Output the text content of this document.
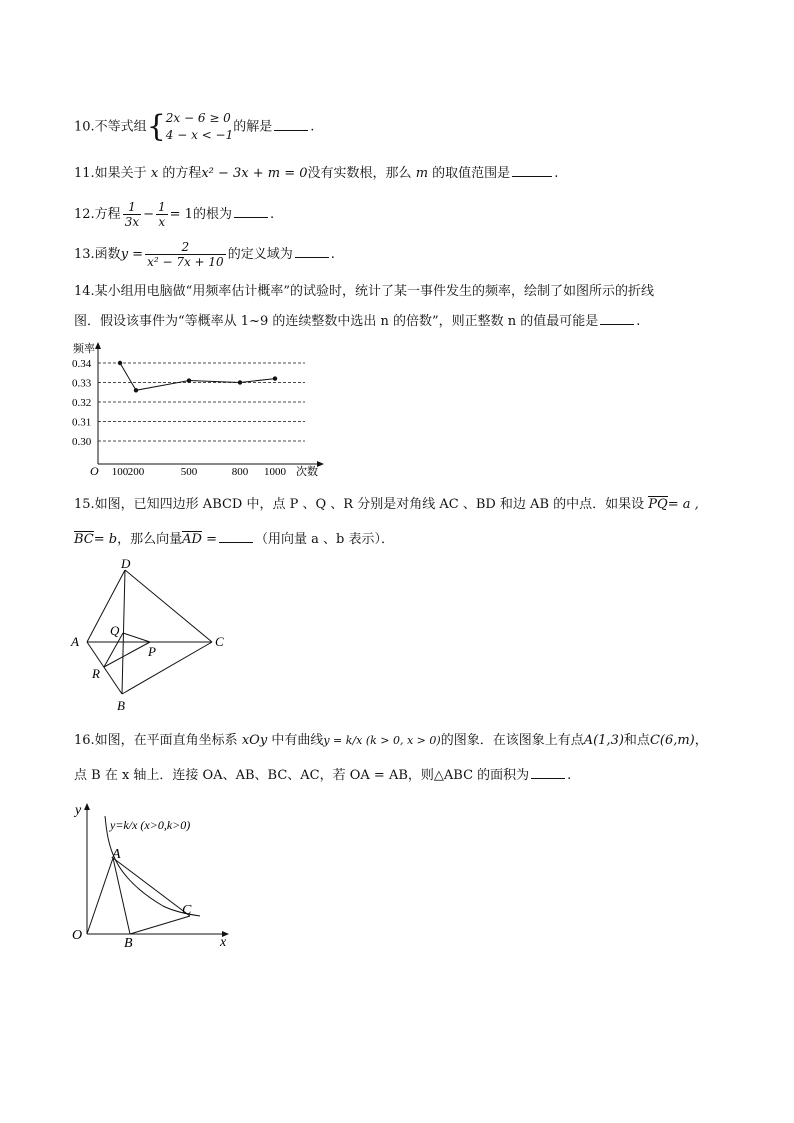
10.不等式组{ 2x − 6 ≥ 0
4 − x < −1
的解是	.
11.如果关于 x 的方程x² − 3x + m = 0没有实数根，那么 m 的取值范围是	.
12.方程 $\frac{1}{3x} - \frac{1}{x} = 1$的根为	.
13.函数$y = \frac{2}{\text{x² − 7x + 10}}$ 的定义域为	.
14.某小组用电脑做“用频率估计概率”的试验时，统计了某一事件发生的频率，绘制了如图所示的折线
图．假设该事件为“等概率从 1~9 的连续整数中选出 n 的倍数”，则正整数 n 的值最可能是	.
频率
次数
O
0.34
0.33
0.32
0.31
0.30
100 200	500	800 1000
15.如图，已知四边形 ABCD 中，点 P 、Q 、R 分别是对角线 AC 、BD 和边 AB 的中点．如果设 PQ= a ,
BC= b，那么向量AD =	（用向量 a 、b 表示）．
D
A
Q
P
C
R
B
16.如图，在平面直角坐标系 xOy 中有曲线y = k/x (k > 0, x > 0)的图象．在该图象上有点A(1,3)和点C(6,m)，
点 B 在 x 轴上．连接 OA、AB、BC、AC，若 OA = AB，则△ABC 的面积为	.
y
x
O
A
B
C
y=k/x (x>0,k>0)
